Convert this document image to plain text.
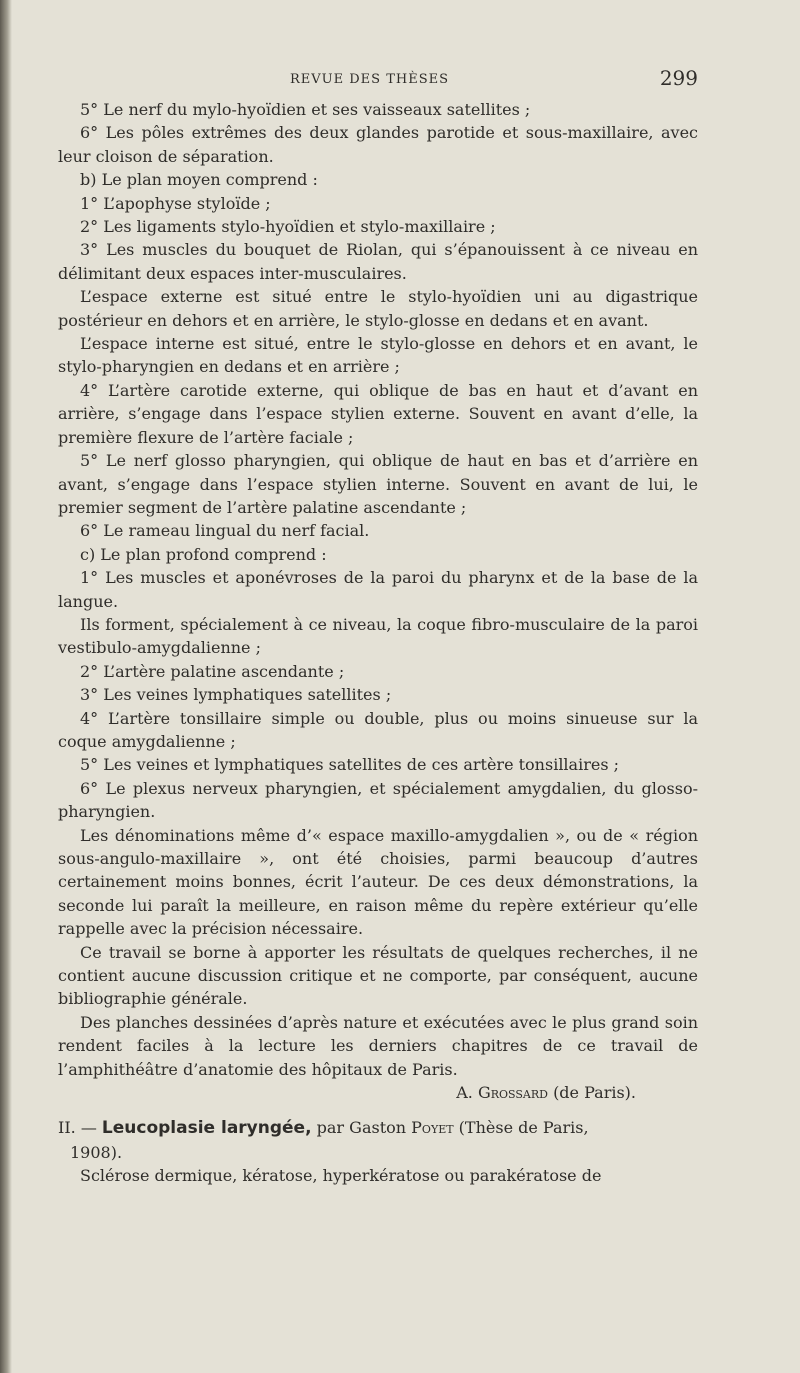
REVUE DES THÈSES	299

5° Le nerf du mylo-hyoïdien et ses vaisseaux satellites ;

6° Les pôles extrêmes des deux glandes parotide et sous-maxillaire, avec leur cloison de séparation.

b) Le plan moyen comprend :

1° L’apophyse styloïde ;

2° Les ligaments stylo-hyoïdien et stylo-maxillaire ;

3° Les muscles du bouquet de Riolan, qui s’épanouissent à ce niveau en délimitant deux espaces inter-musculaires.

L’espace externe est situé entre le stylo-hyoïdien uni au digastrique postérieur en dehors et en arrière, le stylo-glosse en dedans et en avant.

L’espace interne est situé, entre le stylo-glosse en dehors et en avant, le stylo-pharyngien en dedans et en arrière ;

4° L’artère carotide externe, qui oblique de bas en haut et d’avant en arrière, s’engage dans l’espace stylien externe. Souvent en avant d’elle, la première flexure de l’artère faciale ;

5° Le nerf glosso pharyngien, qui oblique de haut en bas et d’arrière en avant, s’engage dans l’espace stylien interne. Souvent en avant de lui, le premier segment de l’artère palatine ascendante ;

6° Le rameau lingual du nerf facial.

c) Le plan profond comprend :

1° Les muscles et aponévroses de la paroi du pharynx et de la base de la langue.

Ils forment, spécialement à ce niveau, la coque fibro-musculaire de la paroi vestibulo-amygdalienne ;

2° L’artère palatine ascendante ;

3° Les veines lymphatiques satellites ;

4° L’artère tonsillaire simple ou double, plus ou moins sinueuse sur la coque amygdalienne ;

5° Les veines et lymphatiques satellites de ces artère tonsillaires ;

6° Le plexus nerveux pharyngien, et spécialement amygdalien, du glosso-pharyngien.

Les dénominations même d’« espace maxillo-amygdalien », ou de « région sous-angulo-maxillaire », ont été choisies, parmi beaucoup d’autres certainement moins bonnes, écrit l’auteur. De ces deux démonstrations, la seconde lui paraît la meilleure, en raison même du repère extérieur qu’elle rappelle avec la précision nécessaire.

Ce travail se borne à apporter les résultats de quelques recherches, il ne contient aucune discussion critique et ne comporte, par conséquent, aucune bibliographie générale.

Des planches dessinées d’après nature et exécutées avec le plus grand soin rendent faciles à la lecture les derniers chapitres de ce travail de l’amphithéâtre d’anatomie des hôpitaux de Paris.

A. Grossard (de Paris).

II. — Leucoplasie laryngée, par Gaston Poyet (Thèse de Paris,

1908).

Sclérose dermique, kératose, hyperkératose ou parakératose de
